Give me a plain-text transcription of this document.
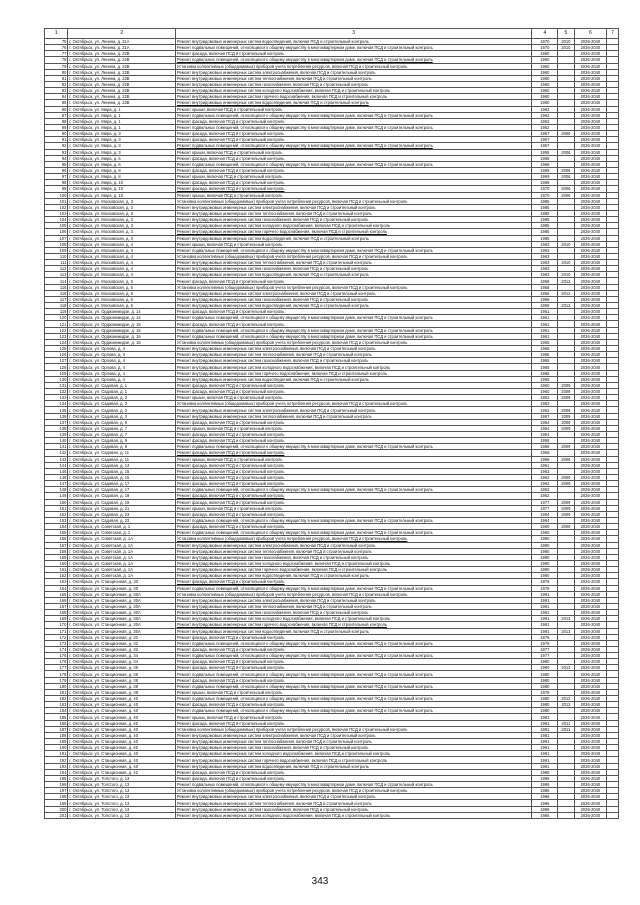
1	2	3	4	5	6	7
75	г. Октябрьск, ул. Ленина, д. 21А	Ремонт внутридомовых инженерных систем водоотведения, включая ПСД и строительный контроль	1970	2010	2036-2040	
76	г. Октябрьск, ул. Ленина, д. 21А	Ремонт подвальных помещений, относящихся к общему имуществу в многоквартирном доме, включая ПСД и строительный контроль	1970	2010	2036-2040	
77	г. Октябрьск, ул. Ленина, д. 22В	Ремонт фасада, включая ПСД и строительный контроль	1960		2036-2040	
78	г. Октябрьск, ул. Ленина, д. 22В	Ремонт подвальных помещений, относящихся к общему имуществу в многоквартирном доме, включая ПСД и строительный контроль	1960		2036-2040	
79	г. Октябрьск, ул. Ленина, д. 22В	Установка коллективных (общедомовых) приборов учета потребления ресурсов, включая ПСД и строительный контроль	1960		2036-2040	
80	г. Октябрьск, ул. Ленина, д. 22В	Ремонт внутридомовых инженерных систем электроснабжения, включая ПСД и строительный контроль	1960		2036-2040	
81	г. Октябрьск, ул. Ленина, д. 22В	Ремонт внутридомовых инженерных систем теплоснабжения, включая ПСД и строительный контроль	1960		2036-2040	
82	г. Октябрьск, ул. Ленина, д. 22В	Ремонт внутридомовых инженерных систем газоснабжения, включая ПСД и строительный контроль	1960		2036-2040	
83	г. Октябрьск, ул. Ленина, д. 22В	Ремонт внутридомовых инженерных систем холодного водоснабжения, включая ПСД и строительный контроль	1960		2036-2040	
84	г. Октябрьск, ул. Ленина, д. 22В	Ремонт внутридомовых инженерных систем горячего водоснабжения, включая ПСД и строительный контроль	1960		2036-2040	
85	г. Октябрьск, ул. Ленина, д. 22В	Ремонт внутридомовых инженерных систем водоотведения, включая ПСД и строительный контроль	1960		2036-2040	
86	г. Октябрьск, ул. Мира, д. 1	Ремонт крыши, включая ПСД и строительный контроль	1962		2036-2040	
87	г. Октябрьск, ул. Мира, д. 1	Ремонт подвальных помещений, относящихся к общему имуществу в многоквартирном доме, включая ПСД и строительный контроль	1962		2036-2040	
88	г. Октябрьск, ул. Мира, д. 1	Ремонт фасада, включая ПСД и строительный контроль	1962		2036-2040	
89	г. Октябрьск, ул. Мира, д. 1	Ремонт подвальных помещений, относящихся к общему имуществу в многоквартирном доме, включая ПСД и строительный контроль	1962		2036-2040	
90	г. Октябрьск, ул. Мира, д. 3	Ремонт фасада, включая ПСД и строительный контроль	1957	2006	2036-2040	
91	г. Октябрьск, ул. Мира, д. 3	Ремонт фасада, включая ПСД и строительный контроль	1957		2036-2040	
92	г. Октябрьск, ул. Мира, д. 3	Ремонт подвальных помещений, относящихся к общему имуществу в многоквартирном доме, включая ПСД и строительный контроль	1957		2036-2040	
93	г. Октябрьск, ул. Мира, д. 3	Ремонт крыши, включая ПСД и строительный контроль	1958	2006	2036-2040	
94	г. Октябрьск, ул. Мира, д. 6	Ремонт фасада, включая ПСД и строительный контроль	1968		2036-2040	
95	г. Октябрьск, ул. Мира, д. 6	Ремонт подвальных помещений, относящихся к общему имуществу в многоквартирном доме, включая ПСД и строительный контроль	1968		2036-2040	
96	г. Октябрьск, ул. Мира, д. 8	Ремонт фасада, включая ПСД и строительный контроль	1969	2006	2036-2040	
97	г. Октябрьск, ул. Мира, д. 8	Ремонт крыши, включая ПСД и строительный контроль	1969	2006	2036-2040	
98	г. Октябрьск, ул. Мира, д. 10	Ремонт фасада, включая ПСД и строительный контроль	1968		2036-2040	
99	г. Октябрьск, ул. Мира, д. 10	Ремонт фасада, включая ПСД и строительный контроль	1970	2006	2036-2040	
100	г. Октябрьск, ул. Мира, д. 10	Ремонт крыши, включая ПСД и строительный контроль	1970	2006	2036-2040	
101	г. Октябрьск, ул. Московская, д. 3	Установка коллективных (общедомовых) приборов учета потребления ресурсов, включая ПСД и строительный контроль	1985		2036-2040	
102	г. Октябрьск, ул. Московская, д. 3	Ремонт внутридомовых инженерных систем электроснабжения, включая ПСД и строительный контроль	1985		2036-2040	
103	г. Октябрьск, ул. Московская, д. 3	Ремонт внутридомовых инженерных систем теплоснабжения, включая ПСД и строительный контроль	1985		2036-2040	
104	г. Октябрьск, ул. Московская, д. 3	Ремонт внутридомовых инженерных систем газоснабжения, включая ПСД и строительный контроль	1985		2036-2040	
105	г. Октябрьск, ул. Московская, д. 3	Ремонт внутридомовых инженерных систем холодного водоснабжения, включая ПСД и строительный контроль	1985		2036-2040	
106	г. Октябрьск, ул. Московская, д. 3	Ремонт внутридомовых инженерных систем горячего водоснабжения, включая ПСД и строительный контроль	1985		2036-2040	
107	г. Октябрьск, ул. Московская, д. 3	Ремонт внутридомовых инженерных систем водоотведения, включая ПСД и строительный контроль	1985		2036-2040	
108	г. Октябрьск, ул. Московская, д. 4	Ремонт крыши, включая ПСД и строительный контроль	1963	2010	2036-2040	
109	г. Октябрьск, ул. Московская, д. 4	Ремонт подвальных помещений, относящихся к общему имуществу в многоквартирном доме, включая ПСД и строительный контроль	1963		2036-2040	
110	г. Октябрьск, ул. Московская, д. 4	Установка коллективных (общедомовых) приборов учета потребления ресурсов, включая ПСД и строительный контроль	1963		2036-2040	
111	г. Октябрьск, ул. Московская, д. 4	Ремонт внутридомовых инженерных систем теплоснабжения, включая ПСД и строительный контроль	1963	2010	2036-2040	
112	г. Октябрьск, ул. Московская, д. 4	Ремонт внутридомовых инженерных систем газоснабжения, включая ПСД и строительный контроль	1963		2036-2040	
113	г. Октябрьск, ул. Московская, д. 4	Ремонт внутридомовых инженерных систем водоотведения, включая ПСД и строительный контроль	1963	2010	2036-2040	
114	г. Октябрьск, ул. Московская, д. 6	Ремонт фасада, включая ПСД и строительный контроль	1958	2012	2036-2040	
115	г. Октябрьск, ул. Московская, д. 6	Установка коллективных (общедомовых) приборов учета потребления ресурсов, включая ПСД и строительный контроль	1958		2036-2040	
116	г. Октябрьск, ул. Московская, д. 6	Ремонт внутридомовых инженерных систем электроснабжения, включая ПСД и строительный контроль	1958	2012	2036-2040	
117	г. Октябрьск, ул. Московская, д. 6	Ремонт внутридомовых инженерных систем газоснабжения, включая ПСД и строительный контроль	1958		2036-2040	
118	г. Октябрьск, ул. Московская, д. 6	Ремонт внутридомовых инженерных систем водоотведения, включая ПСД и строительный контроль	1958	2012	2036-2040	
119	г. Октябрьск, ул. Орджоникидзе, д. 14	Ремонт фасада, включая ПСД и строительный контроль	1961		2036-2040	
120	г. Октябрьск, ул. Орджоникидзе, д. 14	Ремонт подвальных помещений, относящихся к общему имуществу в многоквартирном доме, включая ПСД и строительный контроль	1961		2036-2040	
121	г. Октябрьск, ул. Орджоникидзе, д. 15	Ремонт фасада, включая ПСД и строительный контроль	1961		2036-2040	
122	г. Октябрьск, ул. Орджоникидзе, д. 15	Ремонт подвальных помещений, относящихся к общему имуществу в многоквартирном доме, включая ПСД и строительный контроль	1961		2036-2040	
123	г. Октябрьск, ул. Орджоникидзе, д. 16	Ремонт подвальных помещений, относящихся к общему имуществу в многоквартирном доме, включая ПСД и строительный контроль	1961		2036-2040	
124	г. Октябрьск, ул. Орджоникидзе, д. 16	Установка коллективных (общедомовых) приборов учета потребления ресурсов, включая ПСД и строительный контроль	1965		2036-2040	
125	г. Октябрьск, ул. Орлова, д. 4	Ремонт внутридомовых инженерных систем электроснабжения, включая ПСД и строительный контроль	1965		2036-2040	
126	г. Октябрьск, ул. Орлова, д. 4	Ремонт внутридомовых инженерных систем теплоснабжения, включая ПСД и строительный контроль	1965		2036-2040	
127	г. Октябрьск, ул. Орлова, д. 4	Ремонт внутридомовых инженерных систем газоснабжения, включая ПСД и строительный контроль	1965		2036-2040	
128	г. Октябрьск, ул. Орлова, д. 4	Ремонт внутридомовых инженерных систем холодного водоснабжения, включая ПСД и строительный контроль	1965		2036-2040	
129	г. Октябрьск, ул. Орлова, д. 4	Ремонт внутридомовых инженерных систем горячего водоснабжения, включая ПСД и строительный контроль	1965		2036-2040	
130	г. Октябрьск, ул. Орлова, д. 4	Ремонт внутридомовых инженерных систем водоотведения, включая ПСД и строительный контроль	1965		2036-2040	
131	г. Октябрьск, ул. Садовая, д. 1	Ремонт фасада, включая ПСД и строительный контроль	1960	2009	2036-2040	
132	г. Октябрьск, ул. Садовая, д. 1	Ремонт фасада, включая ПСД и строительный контроль	1960	2009	2036-2040	
133	г. Октябрьск, ул. Садовая, д. 3	Ремонт крыши, включая ПСД и строительный контроль	1952	2009	2036-2040	
134	г. Октябрьск, ул. Садовая, д. 3	Установка коллективных (общедомовых) приборов учета потребления ресурсов, включая ПСД и строительный контроль	1953		2036-2040	
135	г. Октябрьск, ул. Садовая, д. 3	Ремонт внутридомовых инженерных систем электроснабжения, включая ПСД и строительный контроль	1953	2009	2036-2040	
136	г. Октябрьск, ул. Садовая, д. 3	Ремонт внутридомовых инженерных систем теплоснабжения, включая ПСД и строительный контроль	1957	2009	2036-2040	
137	г. Октябрьск, ул. Садовая, д. 5	Ремонт фасада, включая ПСД и строительный контроль	1954	2009	2036-2040	
138	г. Октябрьск, ул. Садовая, д. 7	Ремонт крыши, включая ПСД и строительный контроль	1954	2009	2036-2040	
139	г. Октябрьск, ул. Садовая, д. 7	Ремонт фасада, включая ПСД и строительный контроль	1954		2036-2040	
140	г. Октябрьск, ул. Садовая, д. 9	Ремонт фасада, включая ПСД и строительный контроль	1958		2036-2040	
141	г. Октябрьск, ул. Садовая, д. 9	Ремонт подвальных помещений, относящихся к общему имуществу в многоквартирном доме, включая ПСД и строительный контроль	1958	2009	2036-2040	
142	г. Октябрьск, ул. Садовая, д. 11	Ремонт фасада, включая ПСД и строительный контроль	1958		2036-2040	
143	г. Октябрьск, ул. Садовая, д. 11	Ремонт крыши, включая ПСД и строительный контроль	1958	2008	2036-2040	
144	г. Октябрьск, ул. Садовая, д. 13	Ремонт фасада, включая ПСД и строительный контроль	1961		2036-2040	
145	г. Октябрьск, ул. Садовая, д. 15	Ремонт фасада, включая ПСД и строительный контроль	1963		2036-2040	
146	г. Октябрьск, ул. Садовая, д. 15	Ремонт фасада, включая ПСД и строительный контроль	1962	2009	2036-2040	
147	г. Октябрьск, ул. Садовая, д. 17	Ремонт фасада, включая ПСД и строительный контроль	1962	2009	2036-2040	
148	г. Октябрьск, ул. Садовая, д. 17	Ремонт подвальных помещений, относящихся к общему имуществу в многоквартирном доме, включая ПСД и строительный контроль	1962		2036-2040	
149	г. Октябрьск, ул. Садовая, д. 19	Ремонт фасада, включая ПСД и строительный контроль	1962		2036-2040	
150	г. Октябрьск, ул. Садовая, д. 19	Ремонт фасада, включая ПСД и строительный контроль	1977	2009	2036-2040	
151	г. Октябрьск, ул. Садовая, д. 21	Ремонт крыши, включая ПСД и строительный контроль	1977	2009	2036-2040	
152	г. Октябрьск, ул. Садовая, д. 23	Ремонт фасада, включая ПСД и строительный контроль	1964	2009	2036-2040	
153	г. Октябрьск, ул. Садовая, д. 23	Ремонт подвальных помещений, относящихся к общему имуществу в многоквартирном доме, включая ПСД и строительный контроль	1964		2036-2040	
154	г. Октябрьск, ул. Советская, д. 1	Ремонт фасада, включая ПСД и строительный контроль	1960	2008	2036-2040	
155	г. Октябрьск, ул. Советская, д. 1	Ремонт подвальных помещений, относящихся к общему имуществу в многоквартирном доме, включая ПСД и строительный контроль	1960		2036-2040	
156	г. Октябрьск, ул. Советская, д. 1А	Установка коллективных (общедомовых) приборов учета потребления ресурсов, включая ПСД и строительный контроль	1990		2036-2040	
157	г. Октябрьск, ул. Советская, д. 1А	Ремонт внутридомовых инженерных систем электроснабжения, включая ПСД и строительный контроль	1990		2036-2040	
158	г. Октябрьск, ул. Советская, д. 1А	Ремонт внутридомовых инженерных систем теплоснабжения, включая ПСД и строительный контроль	1990		2036-2040	
159	г. Октябрьск, ул. Советская, д. 1А	Ремонт внутридомовых инженерных систем газоснабжения, включая ПСД и строительный контроль	1990		2036-2040	
160	г. Октябрьск, ул. Советская, д. 1А	Ремонт внутридомовых инженерных систем холодного водоснабжения, включая ПСД и строительный контроль	1990		2036-2040	
161	г. Октябрьск, ул. Советская, д. 1А	Ремонт внутридомовых инженерных систем горячего водоснабжения, включая ПСД и строительный контроль	1990		2036-2040	
162	г. Октябрьск, ул. Советская, д. 1А	Ремонт внутридомовых инженерных систем водоотведения, включая ПСД и строительный контроль	1990		2036-2040	
163	г. Октябрьск, ул. Станционная, д. 30	Ремонт фасада, включая ПСД и строительный контроль	1978		2036-2040	
164	г. Октябрьск, ул. Станционная, д. 30	Ремонт подвальных помещений, относящихся к общему имуществу в многоквартирном доме, включая ПСД и строительный контроль	1978		2036-2040	
165	г. Октябрьск, ул. Станционная, д. 30А	Установка коллективных (общедомовых) приборов учета потребления ресурсов, включая ПСД и строительный контроль	1991		2036-2040	
166	г. Октябрьск, ул. Станционная, д. 30А	Ремонт внутридомовых инженерных систем электроснабжения, включая ПСД и строительный контроль	1991		2036-2040	
167	г. Октябрьск, ул. Станционная, д. 30А	Ремонт внутридомовых инженерных систем теплоснабжения, включая ПСД и строительный контроль	1991		2036-2040	
168	г. Октябрьск, ул. Станционная, д. 30А	Ремонт внутридомовых инженерных систем газоснабжения, включая ПСД и строительный контроль	1991		2036-2040	
169	г. Октябрьск, ул. Станционная, д. 30А	Ремонт внутридомовых инженерных систем холодного водоснабжения, включая ПСД и строительный контроль	1991	2013	2036-2040	
170	г. Октябрьск, ул. Станционная, д. 30А	Ремонт внутридомовых инженерных систем горячего водоснабжения, включая ПСД и строительный контроль	1991		2036-2040	
171	г. Октябрьск, ул. Станционная, д. 30А	Ремонт внутридомовых инженерных систем водоотведения, включая ПСД и строительный контроль	1991	2013	2036-2040	
172	г. Октябрьск, ул. Станционная, д. 32	Ремонт фасада, включая ПСД и строительный контроль	1978		2036-2040	
173	г. Октябрьск, ул. Станционная, д. 32	Ремонт подвальных помещений, относящихся к общему имуществу в многоквартирном доме, включая ПСД и строительный контроль	1978		2036-2040	
174	г. Октябрьск, ул. Станционная, д. 32	Ремонт фасада, включая ПСД и строительный контроль	1977		2036-2040	
175	г. Октябрьск, ул. Станционная, д. 34	Ремонт подвальных помещений, относящихся к общему имуществу в многоквартирном доме, включая ПСД и строительный контроль	1977		2036-2040	
176	г. Октябрьск, ул. Станционная, д. 34	Ремонт фасада, включая ПСД и строительный контроль	1980		2036-2040	
177	г. Октябрьск, ул. Станционная, д. 36	Ремонт фасада, включая ПСД и строительный контроль	1980	2013	2036-2040	
178	г. Октябрьск, ул. Станционная, д. 36	Ремонт подвальных помещений, относящихся к общему имуществу в многоквартирном доме, включая ПСД и строительный контроль	1980		2036-2040	
179	г. Октябрьск, ул. Станционная, д. 38	Ремонт фасада, включая ПСД и строительный контроль	1980		2036-2040	
180	г. Октябрьск, ул. Станционная, д. 38	Ремонт подвальных помещений, относящихся к общему имуществу в многоквартирном доме, включая ПСД и строительный контроль	1980		2036-2040	
181	г. Октябрьск, ул. Станционная, д. 38	Ремонт крыши, включая ПСД и строительный контроль	1978		2036-2040	
182	г. Октябрьск, ул. Станционная, д. 40	Ремонт подвальных помещений, относящихся к общему имуществу в многоквартирном доме, включая ПСД и строительный контроль	1980	2012	2036-2040	
183	г. Октябрьск, ул. Станционная, д. 40	Ремонт фасада, включая ПСД и строительный контроль	1980	2012	2036-2040	
184	г. Октябрьск, ул. Станционная, д. 40	Ремонт подвальных помещений, относящихся к общему имуществу в многоквартирном доме, включая ПСД и строительный контроль	1980		2036-2040	
185	г. Октябрьск, ул. Станционная, д. 40	Ремонт крыши, включая ПСД и строительный контроль	1981		2036-2040	
186	г. Октябрьск, ул. Станционная, д. 40	Ремонт фасада, включая ПСД и строительный контроль	1981	2011	2036-2040	
187	г. Октябрьск, ул. Станционная, д. 40	Установка коллективных (общедомовых) приборов учета потребления ресурсов, включая ПСД и строительный контроль	1981	2011	2036-2040	
188	г. Октябрьск, ул. Станционная, д. 40	Ремонт внутридомовых инженерных систем электроснабжения, включая ПСД и строительный контроль	1981		2036-2040	
189	г. Октябрьск, ул. Станционная, д. 40	Ремонт внутридомовых инженерных систем теплоснабжения, включая ПСД и строительный контроль	1991		2036-2040	
190	г. Октябрьск, ул. Станционная, д. 40	Ремонт внутридомовых инженерных систем газоснабжения, включая ПСД и строительный контроль	1991		2036-2040	
191	г. Октябрьск, ул. Станционная, д. 40	Ремонт внутридомовых инженерных систем холодного водоснабжения, включая ПСД и строительный контроль	1991		2036-2040	
192	г. Октябрьск, ул. Станционная, д. 40	Ремонт внутридомовых инженерных систем горячего водоснабжения, включая ПСД и строительный контроль	1991		2036-2040	
193	г. Октябрьск, ул. Станционная, д. 40	Ремонт внутридомовых инженерных систем водоотведения, включая ПСД и строительный контроль	1991		2036-2040	
194	г. Октябрьск, ул. Станционная, д. 42	Ремонт фасада, включая ПСД и строительный контроль	1985		2036-2040	
195	г. Октябрьск, ул. Толстого, д. 13	Ремонт фасада, включая ПСД и строительный контроль	1986		2036-2040	
196	г. Октябрьск, ул. Толстого, д. 13	Ремонт подвальных помещений, относящихся к общему имуществу в многоквартирном доме, включая ПСД и строительный контроль	1986		2036-2040	
197	г. Октябрьск, ул. Толстого, д. 13	Установка коллективных (общедомовых) приборов учета потребления ресурсов, включая ПСД и строительный контроль	1986		2036-2040	
198	г. Октябрьск, ул. Толстого, д. 13	Ремонт внутридомовых инженерных систем электроснабжения, включая ПСД и строительный контроль	1986		2036-2040	
199	г. Октябрьск, ул. Толстого, д. 13	Ремонт внутридомовых инженерных систем теплоснабжения, включая ПСД и строительный контроль	1986		2036-2040	
200	г. Октябрьск, ул. Толстого, д. 13	Ремонт внутридомовых инженерных систем газоснабжения, включая ПСД и строительный контроль	1986		2036-2040	
201	г. Октябрьск, ул. Толстого, д. 13	Ремонт внутридомовых инженерных систем холодного водоснабжения, включая ПСД и строительный контроль	1986		2036-2040	
343
